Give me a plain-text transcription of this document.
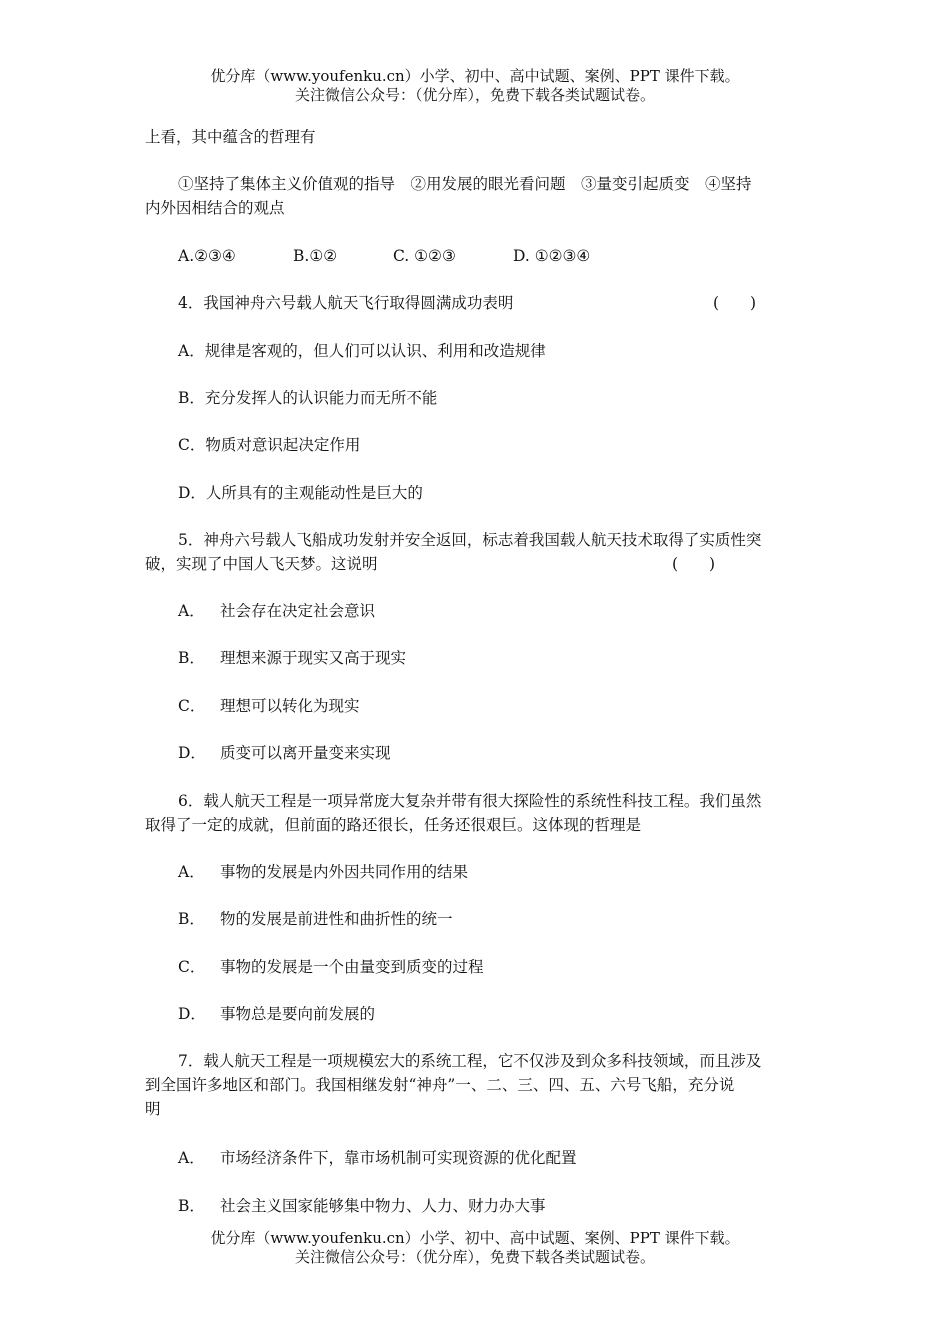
优分库（www.youfenku.cn）小学、初中、高中试题、案例、PPT 课件下载。
关注微信公众号：（优分库），免费下载各类试题试卷。
上看，其中蕴含的哲理有

①坚持了集体主义价值观的指导　②用发展的眼光看问题　③量变引起质变　④坚持

内外因相结合的观点

A.②③④	B.①②	C. ①②③	D. ①②③④
4．我国神舟六号载人航天飞行取得圆满成功表明	(　　)
A．规律是客观的，但人们可以认识、利用和改造规律
B．充分发挥人的认识能力而无所不能
C．物质对意识起决定作用
D．人所具有的主观能动性是巨大的

5．神舟六号载人飞船成功发射并安全返回，标志着我国载人航天技术取得了实质性突

破，实现了中国人飞天梦。这说明	(　　)
A． 社会存在决定社会意识
B． 理想来源于现实又高于现实
C． 理想可以转化为现实
D． 质变可以离开量变来实现

6．载人航天工程是一项异常庞大复杂并带有很大探险性的系统性科技工程。我们虽然

取得了一定的成就，但前面的路还很长，任务还很艰巨。这体现的哲理是

A． 事物的发展是内外因共同作用的结果
B． 物的发展是前进性和曲折性的统一
C． 事物的发展是一个由量变到质变的过程
D． 事物总是要向前发展的

7．载人航天工程是一项规模宏大的系统工程，它不仅涉及到众多科技领域，而且涉及

到全国许多地区和部门。我国相继发射“神舟”一、二、三、四、五、六号飞船，充分说

明

A． 市场经济条件下，靠市场机制可实现资源的优化配置
B． 社会主义国家能够集中物力、人力、财力办大事
优分库（www.youfenku.cn）小学、初中、高中试题、案例、PPT 课件下载。
关注微信公众号：（优分库），免费下载各类试题试卷。
